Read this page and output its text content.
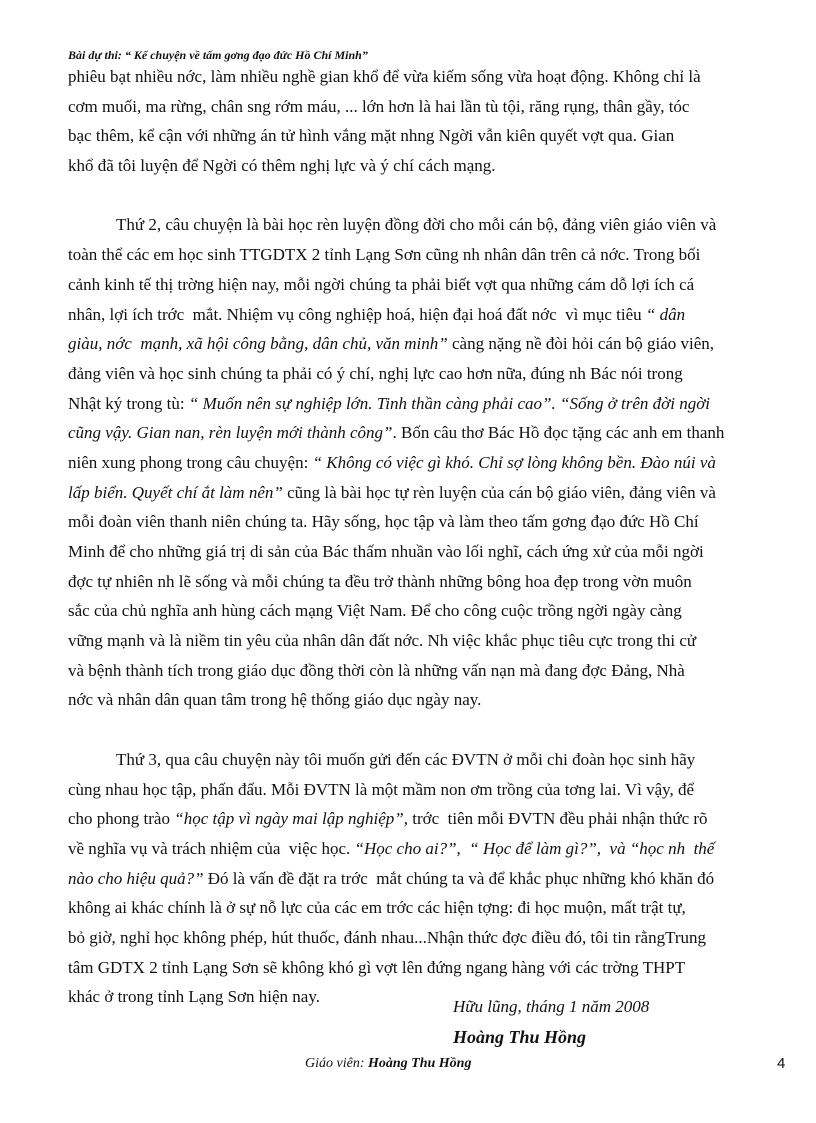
Bài dự thi: “ Kể chuyện về tấm gơng đạo đức Hồ Chí Minh”
phiêu bạt nhiều nớc, làm nhiều nghề gian khổ để vừa kiếm sống vừa hoạt động. Không chỉ là
cơm muối, ma rừng, chân sng rớm máu, ... lớn hơn là hai lần tù tội, răng rụng, thân gầy, tóc
bạc thêm, kể cận với những án tử hình vắng mặt nhng Ngời vẫn kiên quyết vợt qua. Gian
khổ đã tôi luyện để Ngời có thêm nghị lực và ý chí cách mạng.
Thứ 2, câu chuyện là bài học rèn luyện đồng đời cho mỗi cán bộ, đảng viên giáo viên và
toàn thể các em học sinh TTGDTX 2 tỉnh Lạng Sơn cũng nh nhân dân trên cả nớc. Trong bối
cảnh kinh tế thị trờng hiện nay, mỗi ngời chúng ta phải biết vợt qua những cám dỗ lợi ích cá
nhân, lợi ích trớc  mắt. Nhiệm vụ công nghiệp hoá, hiện đại hoá đất nớc  vì mục tiêu “ dân
giàu, nớc  mạnh, xã hội công bằng, dân chủ, văn minh” càng nặng nề đòi hỏi cán bộ giáo viên,
đảng viên và học sinh chúng ta phải có ý chí, nghị lực cao hơn nữa, đúng nh Bác nói trong
Nhật ký trong tù: “ Muốn nên sự nghiệp lớn. Tinh thần càng phải cao”. “Sống ở trên đời ngời
cũng vậy. Gian nan, rèn luyện mới thành công”. Bốn câu thơ Bác Hồ đọc tặng các anh em thanh
niên xung phong trong câu chuyện: “ Không có việc gì khó. Chỉ sợ lòng không bền. Đào núi và
lấp biển. Quyết chí ắt làm nên” cũng là bài học tự rèn luyện của cán bộ giáo viên, đảng viên và
mỗi đoàn viên thanh niên chúng ta. Hãy sống, học tập và làm theo tấm gơng đạo đức Hồ Chí
Minh để cho những giá trị di sản của Bác thấm nhuần vào lối nghĩ, cách ứng xử của mỗi ngời
đợc tự nhiên nh lẽ sống và mỗi chúng ta đều trở thành những bông hoa đẹp trong vờn muôn
sắc của chủ nghĩa anh hùng cách mạng Việt Nam. Để cho công cuộc trồng ngời ngày càng
vững mạnh và là niềm tin yêu của nhân dân đất nớc. Nh việc khắc phục tiêu cực trong thi cử
và bệnh thành tích trong giáo dục đồng thời còn là những vấn nạn mà đang đợc Đảng, Nhà
nớc và nhân dân quan tâm trong hệ thống giáo dục ngày nay.
Thứ 3, qua câu chuyện này tôi muốn gửi đến các ĐVTN ở mỗi chi đoàn học sinh hãy
cùng nhau học tập, phấn đấu. Mỗi ĐVTN là một mầm non ơm trồng của tơng lai. Vì vậy, để
cho phong trào “học tập vì ngày mai lập nghiệp”, trớc  tiên mỗi ĐVTN đều phải nhận thức rõ
về nghĩa vụ và trách nhiệm của  việc học. “Học cho ai?”,  “ Học để làm gì?”,  và “học nh  thế
nào cho hiệu quả?” Đó là vấn đề đặt ra trớc  mắt chúng ta và để khắc phục những khó khăn đó
không ai khác chính là ở sự nỗ lực của các em trớc các hiện tợng: đi học muộn, mất trật tự,
bỏ giờ, nghỉ học không phép, hút thuốc, đánh nhau...Nhận thức đợc điều đó, tôi tin rằngTrung
tâm GDTX 2 tỉnh Lạng Sơn sẽ không khó gì vợt lên đứng ngang hàng với các trờng THPT
khác ở trong tỉnh Lạng Sơn hiện nay.
Hữu lũng, tháng 1 năm 2008
Hoàng Thu Hồng
Giáo viên: Hoàng Thu Hồng	4
